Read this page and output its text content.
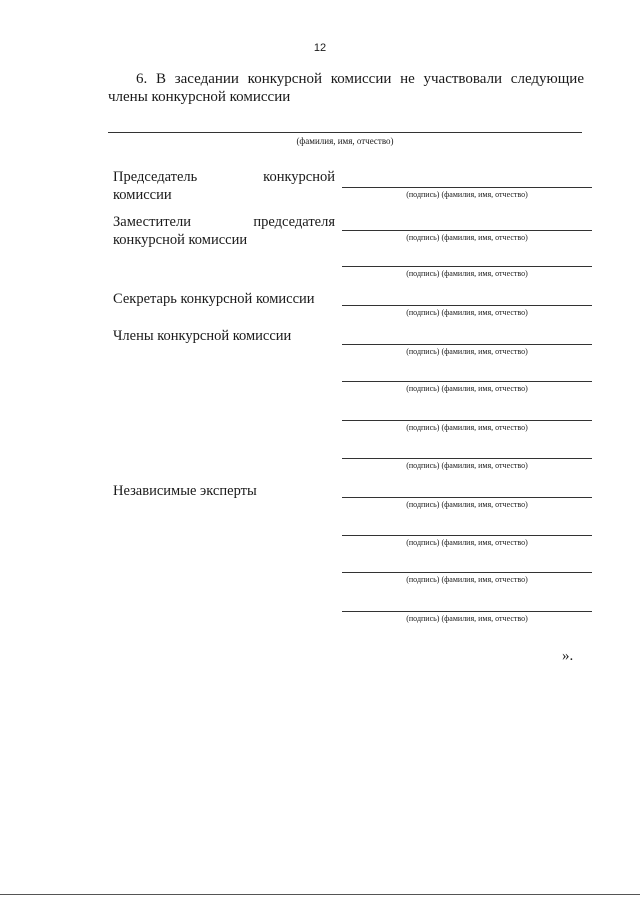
12
6. В заседании конкурсной комиссии не участвовали следующие
члены конкурсной комиссии
(фамилия, имя, отчество)
Председатель конкурсной
комиссии
Заместители председателя
конкурсной комиссии
Секретарь конкурсной комиссии
Члены конкурсной комиссии
Независимые эксперты
(подпись) (фамилия, имя, отчество)
(подпись) (фамилия, имя, отчество)
(подпись) (фамилия, имя, отчество)
(подпись) (фамилия, имя, отчество)
(подпись) (фамилия, имя, отчество)
(подпись) (фамилия, имя, отчество)
(подпись) (фамилия, имя, отчество)
(подпись) (фамилия, имя, отчество)
(подпись) (фамилия, имя, отчество)
(подпись) (фамилия, имя, отчество)
(подпись) (фамилия, имя, отчество)
(подпись) (фамилия, имя, отчество)
».
